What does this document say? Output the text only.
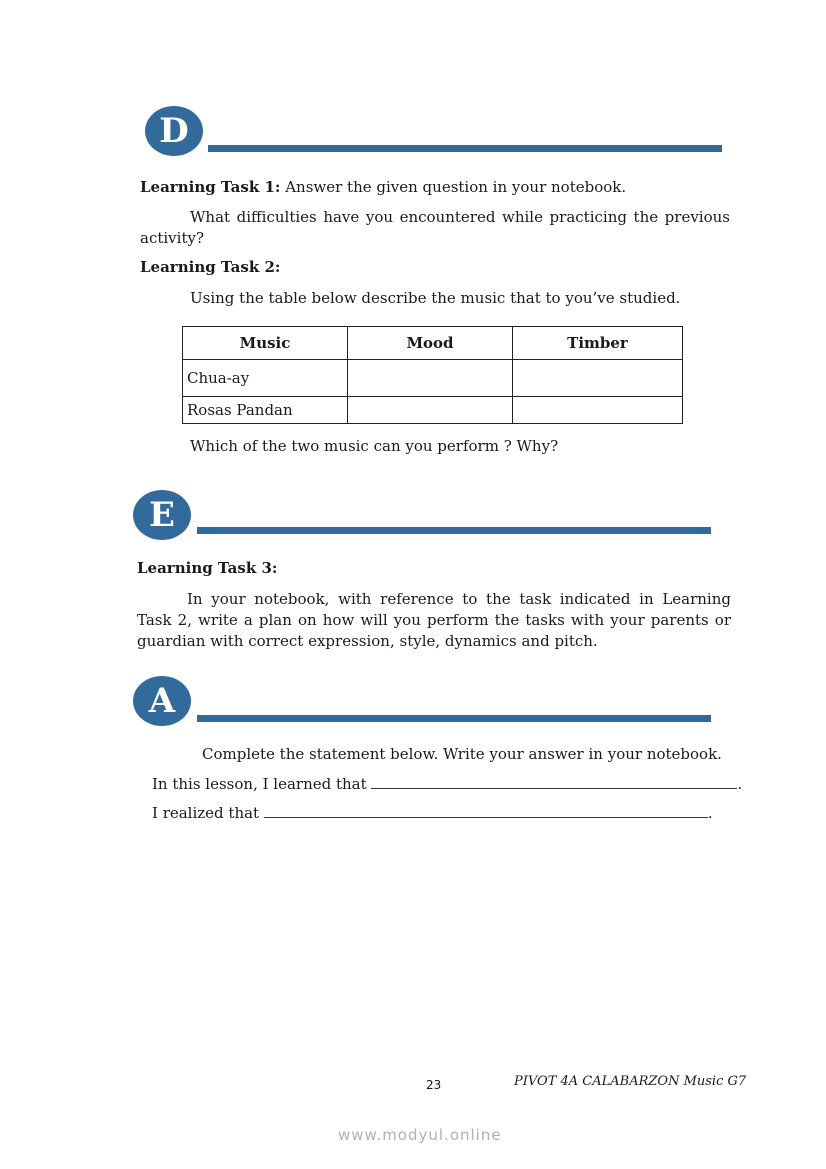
D
Learning Task 1: Answer the given question in your notebook.
What difficulties have you encountered while practicing the previous activity?
Learning Task 2:
Using the table below describe the music that to you’ve studied.
Music	Mood	Timber
Chua-ay		
Rosas Pandan		
Which of the two music can you perform ? Why?
E
Learning Task 3:
In your notebook, with reference to the task indicated in Learning Task 2, write a plan on how will you perform the tasks with your parents or guardian with correct expression, style, dynamics and pitch.
A
Complete the statement below. Write your answer in your notebook.
In this lesson, I learned that	.
I realized that	.
23	PIVOT 4A CALABARZON Music G7
www.modyul.online
